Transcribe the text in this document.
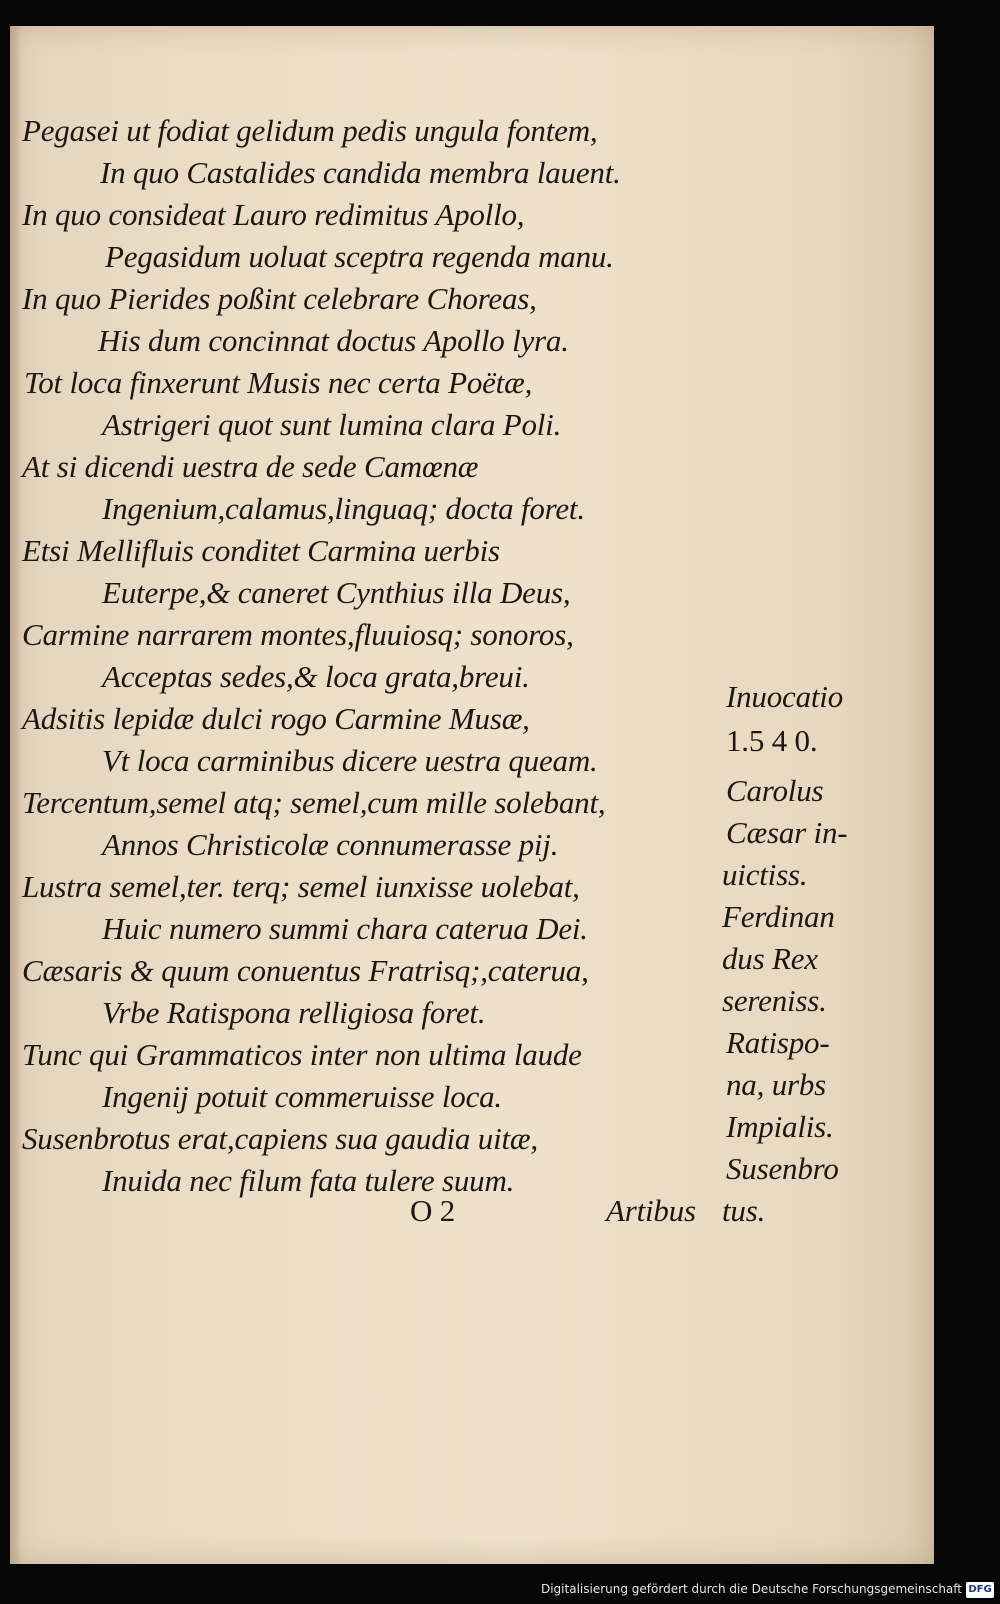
Pegasei ut fodiat gelidum pedis ungula fontem,
In quo Castalides candida membra lauent.
In quo consideat Lauro redimitus Apollo,
Pegasidum uoluat sceptra regenda manu.
In quo Pierides poßint celebrare Choreas,
His dum concinnat doctus Apollo lyra.
Tot loca finxerunt Musis nec certa Poëtæ,
Astrigeri quot sunt lumina clara Poli.
At si dicendi uestra de sede Camœnæ
Ingenium,calamus,linguaq; docta foret.
Etsi Mellifluis conditet Carmina uerbis
Euterpe,& caneret Cynthius illa Deus,
Carmine narrarem montes,fluuiosq; sonoros,
Acceptas sedes,& loca grata,breui.
Adsitis lepidæ dulci rogo Carmine Musæ,
Vt loca carminibus dicere uestra queam.
Tercentum,semel atq; semel,cum mille solebant,
Annos Christicolæ connumerasse pij.
Lustra semel,ter. terq; semel iunxisse uolebat,
Huic numero summi chara caterua Dei.
Cæsaris & quum conuentus Fratrisq;,caterua,
Vrbe Ratispona relligiosa foret.
Tunc qui Grammaticos inter non ultima laude
Ingenij potuit commeruisse loca.
Susenbrotus erat,capiens sua gaudia uitæ,
Inuida nec filum fata tulere suum.
Inuocatio
1.5 4 0.
Carolus
Cæsar in-
uictiss.
Ferdinan
dus Rex
sereniss.
Ratispo-
na, urbs
Impialis.
Susenbro
tus.
O 2	Artibus
Digitalisierung gefördert durch die Deutsche Forschungsgemeinschaft DFG
